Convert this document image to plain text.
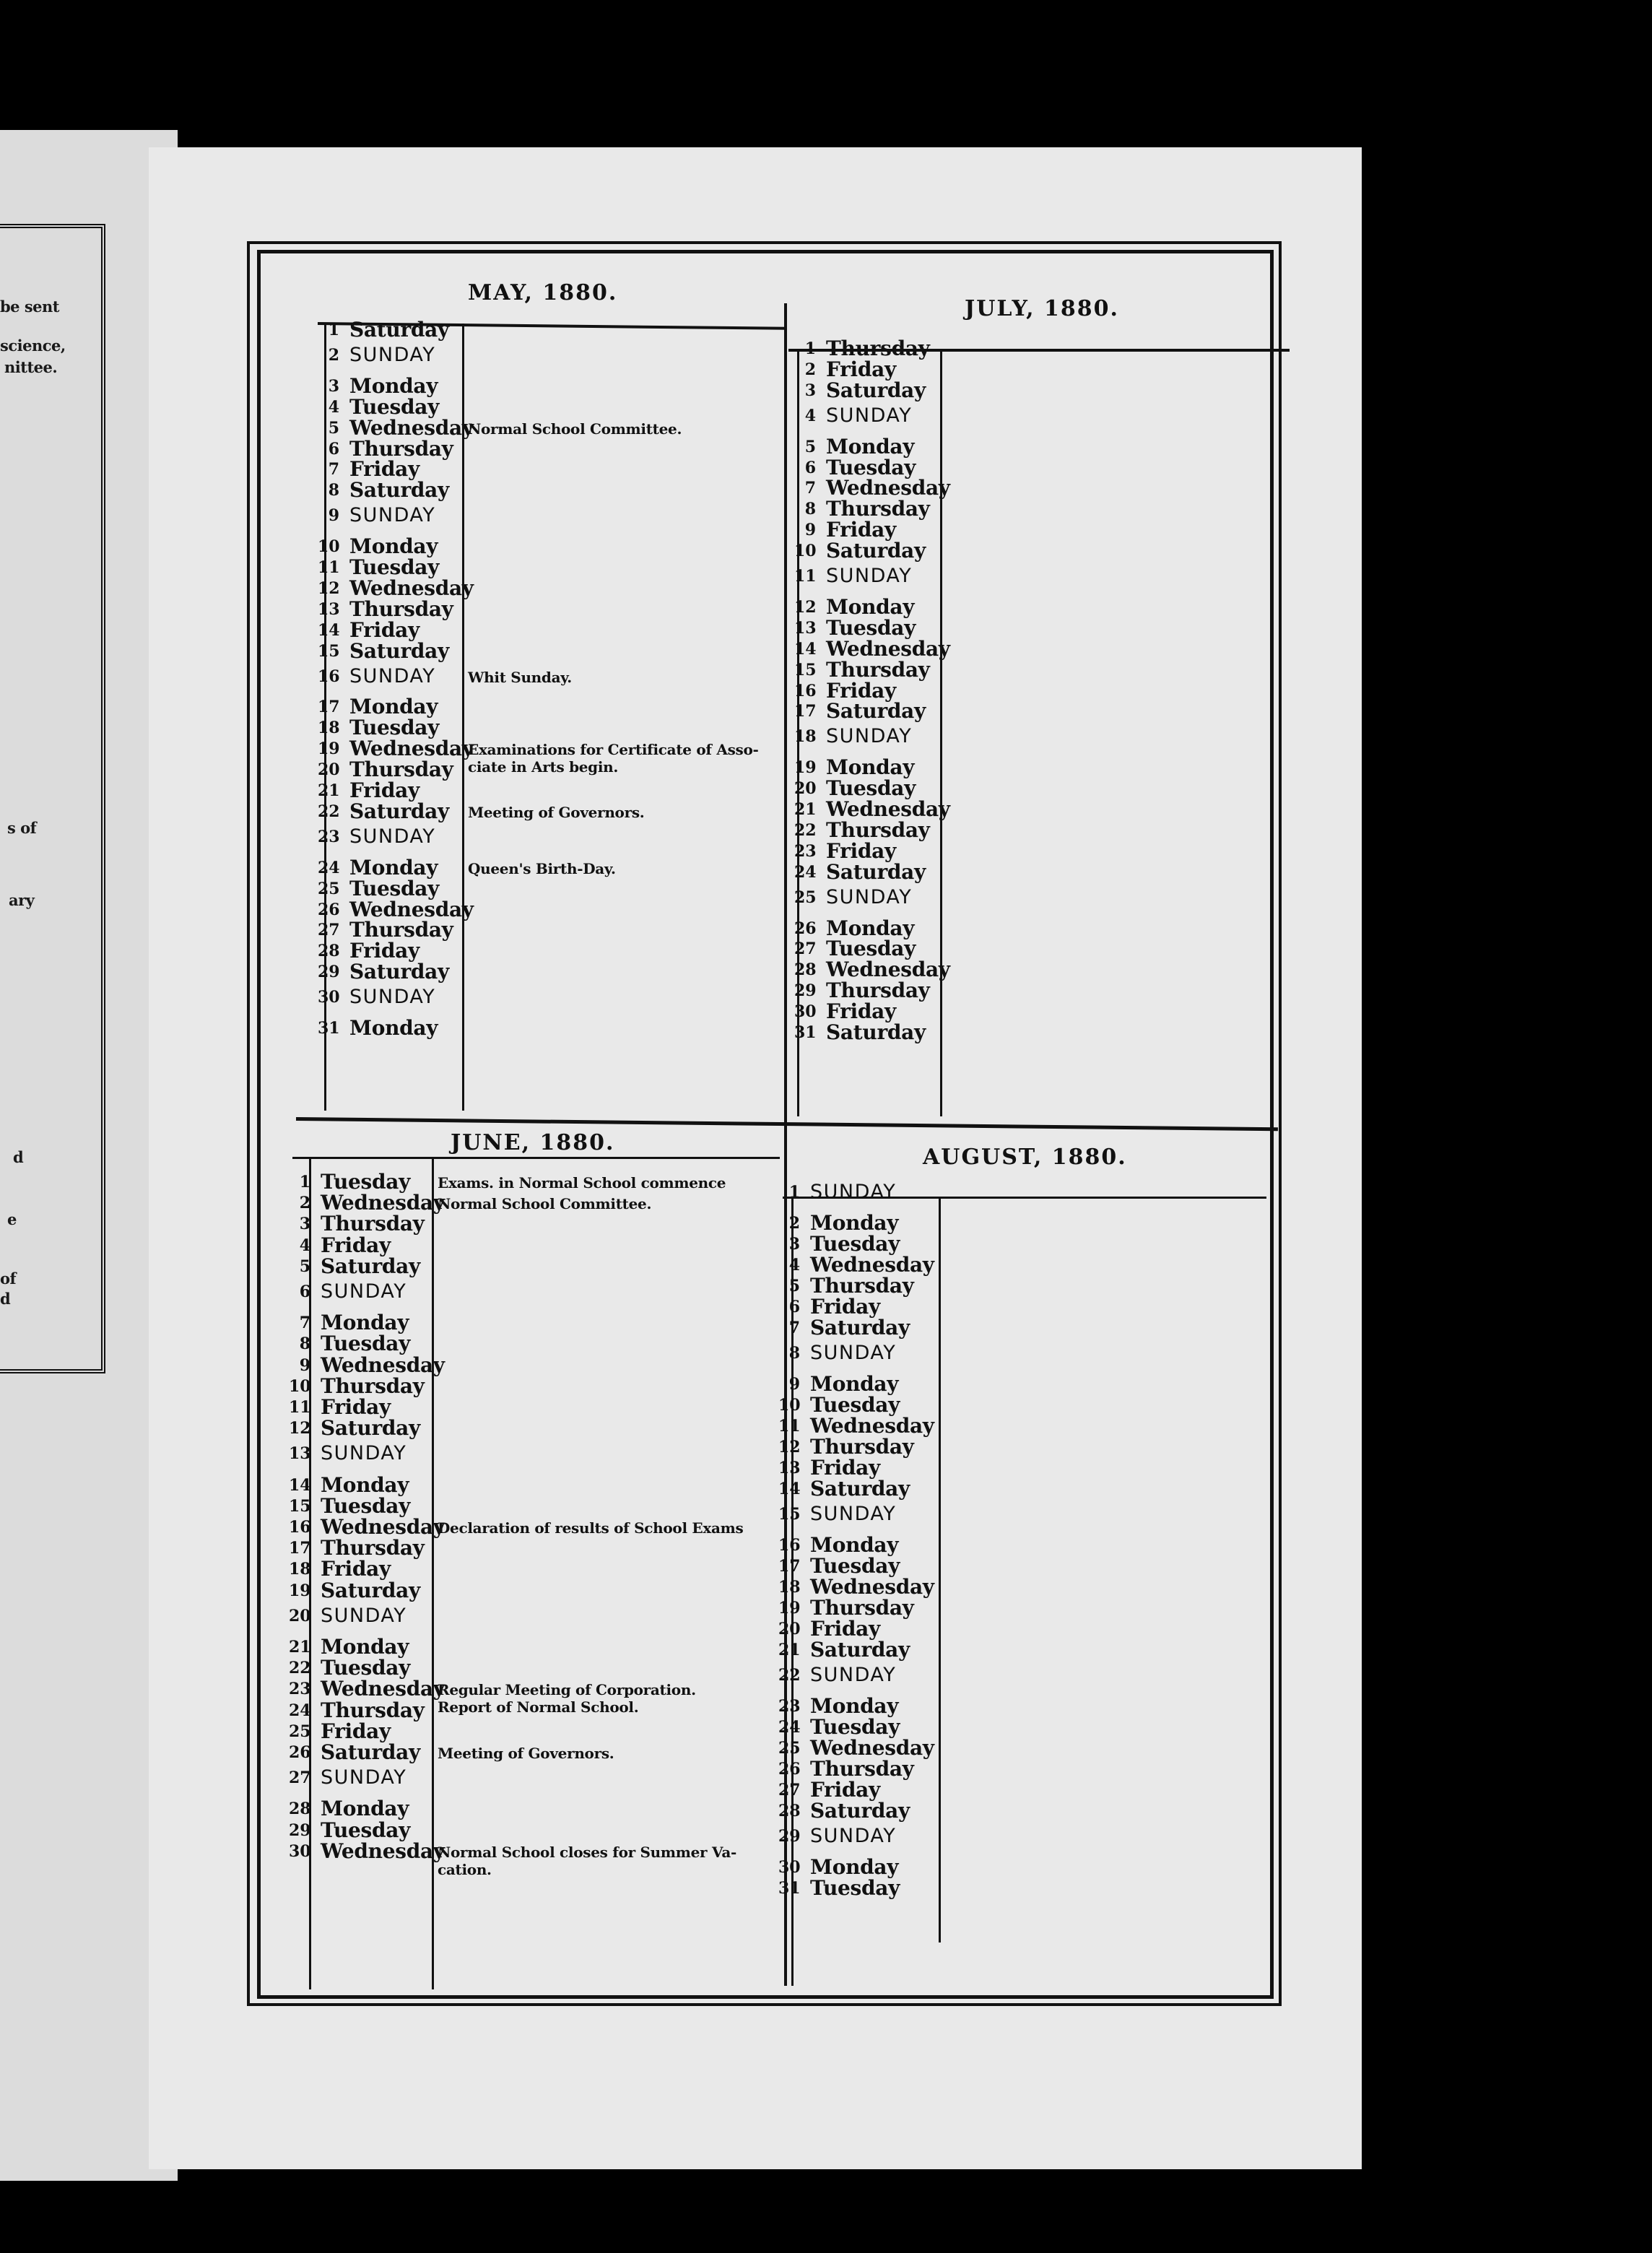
be sent
science,
nittee.
s of
ary
d
e
of
d
MAY, 1880.
JULY, 1880.
JUNE, 1880.
AUGUST, 1880.
1 Saturday
2 SUNDAY
3 Monday
4 Tuesday
5 Wednesday
6 Thursday
7 Friday
8 Saturday
9 SUNDAY
10 Monday
11 Tuesday
12 Wednesday
13 Thursday
14 Friday
15 Saturday
16 SUNDAY
17 Monday
18 Tuesday
19 Wednesday
20 Thursday
21 Friday
22 Saturday
23 SUNDAY
24 Monday
25 Tuesday
26 Wednesday
27 Thursday
28 Friday
29 Saturday
30 SUNDAY
31 Monday
Normal School Committee.
Whit Sunday.
Examinations for Certificate of Asso-
ciate in Arts begin.
Meeting of Governors.
Queen's Birth-Day.
1 Thursday
2 Friday
3 Saturday
4 SUNDAY
5 Monday
6 Tuesday
7 Wednesday
8 Thursday
9 Friday
10 Saturday
11 SUNDAY
12 Monday
13 Tuesday
14 Wednesday
15 Thursday
16 Friday
17 Saturday
18 SUNDAY
19 Monday
20 Tuesday
21 Wednesday
22 Thursday
23 Friday
24 Saturday
25 SUNDAY
26 Monday
27 Tuesday
28 Wednesday
29 Thursday
30 Friday
31 Saturday
1 Tuesday
2 Wednesday
3 Thursday
4 Friday
5 Saturday
6 SUNDAY
7 Monday
8 Tuesday
9 Wednesday
10 Thursday
11 Friday
12 Saturday
13 SUNDAY
14 Monday
15 Tuesday
16 Wednesday
17 Thursday
18 Friday
19 Saturday
20 SUNDAY
21 Monday
22 Tuesday
23 Wednesday
24 Thursday
25 Friday
26 Saturday
27 SUNDAY
28 Monday
29 Tuesday
30 Wednesday
Exams. in Normal School commence
Normal School Committee.
Declaration of results of School Exams
Regular Meeting of Corporation.
Report of Normal School.
Meeting of Governors.
Normal School closes for Summer Va-
cation.
1 SUNDAY
2 Monday
3 Tuesday
4 Wednesday
5 Thursday
6 Friday
7 Saturday
8 SUNDAY
9 Monday
10 Tuesday
11 Wednesday
12 Thursday
13 Friday
14 Saturday
15 SUNDAY
16 Monday
17 Tuesday
18 Wednesday
19 Thursday
20 Friday
21 Saturday
22 SUNDAY
23 Monday
24 Tuesday
25 Wednesday
26 Thursday
27 Friday
28 Saturday
29 SUNDAY
30 Monday
31 Tuesday
